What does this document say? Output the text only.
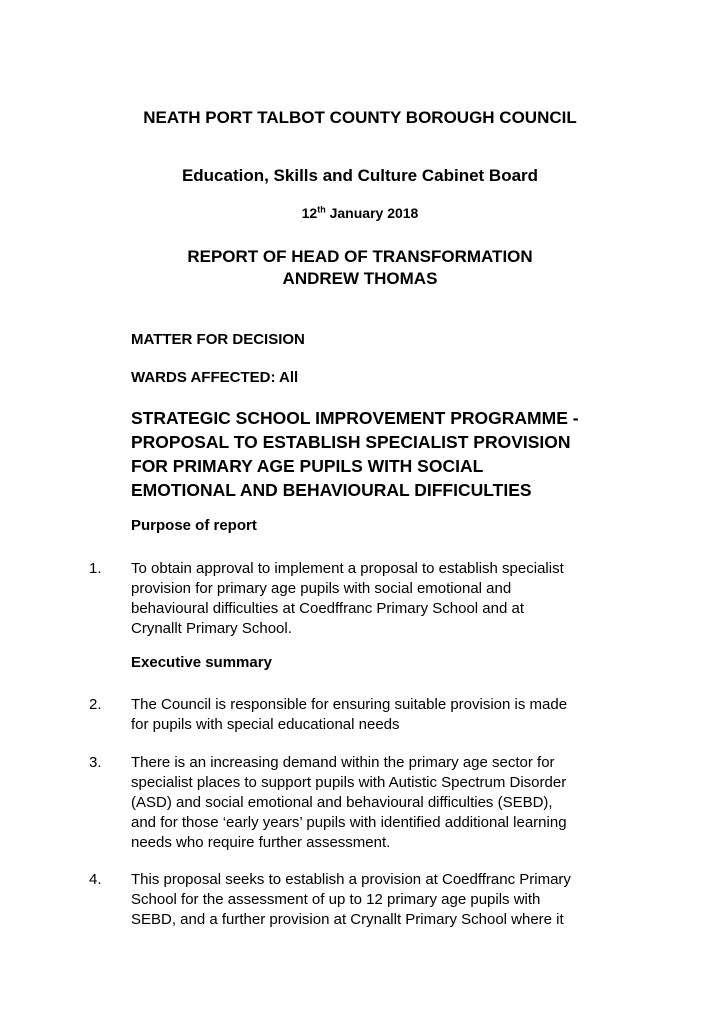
NEATH PORT TALBOT COUNTY BOROUGH COUNCIL
Education, Skills and Culture Cabinet Board
12th January 2018
REPORT OF HEAD OF TRANSFORMATION
ANDREW THOMAS
MATTER FOR DECISION
WARDS AFFECTED: All
STRATEGIC SCHOOL IMPROVEMENT PROGRAMME -
PROPOSAL TO ESTABLISH SPECIALIST PROVISION
FOR PRIMARY AGE PUPILS WITH SOCIAL
EMOTIONAL AND BEHAVIOURAL DIFFICULTIES
Purpose of report
1. To obtain approval to implement a proposal to establish specialist
provision for primary age pupils with social emotional and
behavioural difficulties at Coedffranc Primary School and at
Crynallt Primary School.
Executive summary
2. The Council is responsible for ensuring suitable provision is made
for pupils with special educational needs
3. There is an increasing demand within the primary age sector for
specialist places to support pupils with Autistic Spectrum Disorder
(ASD) and social emotional and behavioural difficulties (SEBD),
and for those ‘early years’ pupils with identified additional learning
needs who require further assessment.
4. This proposal seeks to establish a provision at Coedffranc Primary
School for the assessment of up to 12 primary age pupils with
SEBD, and a further provision at Crynallt Primary School where it
